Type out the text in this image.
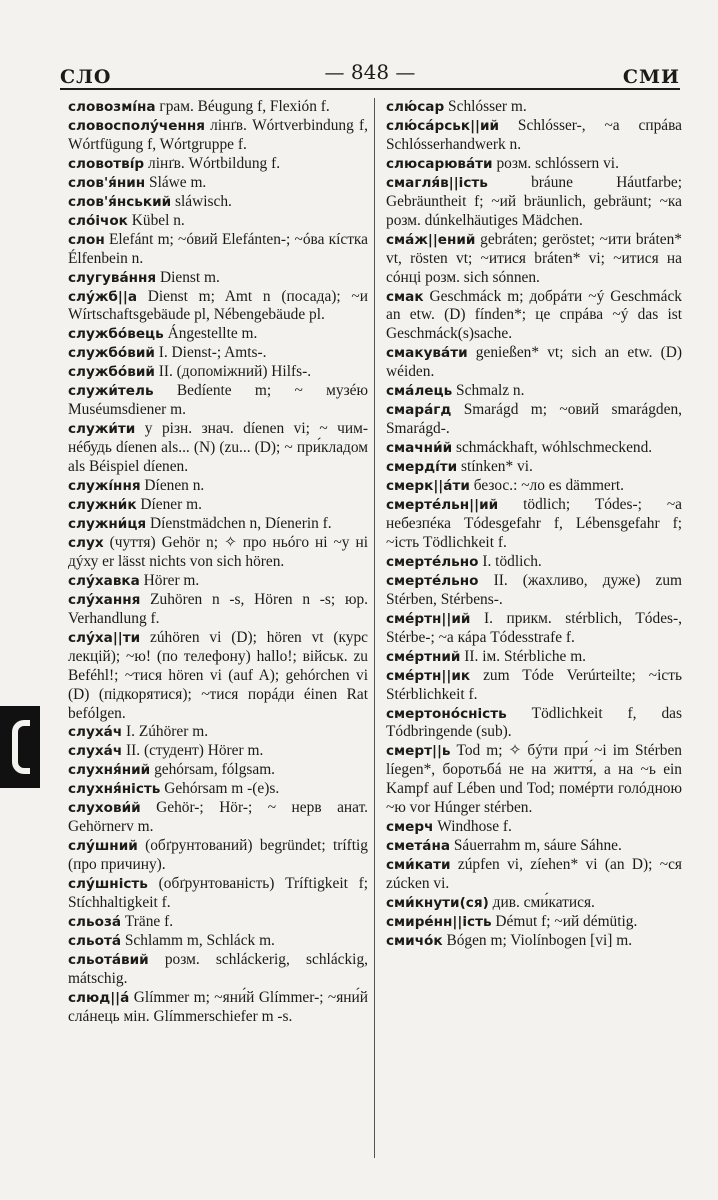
СЛО	— 848 —	СМИ

словозмíна грам. Béugung f, Flexión f.

словосполу́чення лінґв. Wórtverbindung f, Wórtfügung f, Wórtgruppe f.

словотвíр лінґв. Wórtbildung f.

слов'я́нин Sláwe m.

слов'я́нський sláwisch.

слóічок Kübel n.

слон Elefánt m; ~óвий Elefánten-; ~óва кíстка Élfenbein n.

слугува́ння Dienst m.

слу́жб||а Dienst m; Amt n (посада); ~и Wírtschaftsgebäude pl, Nébengebäude pl.

службóвець Ángestellte m.

службóвий I. Dienst-; Amts-.

службóвий II. (допоміжний) Hilfs-.

служи́тель Bedíente m; ~ музéю Muséumsdiener m.

служи́ти у різн. знач. díenen vi; ~ чим-нéбудь díenen als... (N) (zu... (D); ~ при́кладом als Béispiel díenen.

служíння Díenen n.

служни́к Díener m.

служни́ця Díenstmädchen n, Díenerin f.

слух (чуття) Gehör n; ✧ про ньóго нi ~у нi дýху er lässt nichts von sich hören.

слу́хавка Hörer m.

слу́хання Zuhören n -s, Hören n -s; юр. Verhandlung f.

слу́ха||ти zúhören vi (D); hören vt (курс лекцій); ~ю! (по телефону) hallo!; військ. zu Beféhl!; ~тися hören vi (auf A); gehórchen vi (D) (підкорятися); ~тися порáди éinen Rat befólgen.

слуха́ч I. Zúhörer m.

слуха́ч II. (студент) Hörer m.

слухня́ний gehórsam, fólgsam.

слухня́ність Gehórsam m -(e)s.

слухови́й Gehör-; Hör-; ~ нерв анат. Gehörnerv m.

слу́шний (обґрунтований) begründet; tríftig (про причину).

слу́шність (обґрунтованість) Tríftigkeit f; Stíchhaltigkeit f.

сльоза́ Träne f.

сльота́ Schlamm m, Schláck m.

сльота́вий розм. schláckerig, schláckig, mátschig.

слюд||á Glímmer m; ~яни́й Glímmer-; ~яни́й слáнець мін. Glímmerschiefer m -s.

слю́сар Schlósser m.

слю́са́рськ||ий Schlósser-, ~а спрáва Schlósserhandwerk n.

слюсарюва́ти розм. schlóssern vi.

смагля́в||ість bráune Háutfarbe; Gebräuntheit f; ~ий bräunlich, gebräunt; ~ка розм. dúnkelhäutiges Mädchen.

сма́ж||ений gebráten; geröstet; ~ити bráten* vt, rösten vt; ~итися bráten* vi; ~итися на сóнці розм. sich sónnen.

смак Geschmáck m; добрáти ~ý Geschmáck an etw. (D) fínden*; це спрáва ~ý das ist Geschmáck(s)sache.

смакува́ти genießen* vt; sich an etw. (D) wéiden.

сма́лець Schmalz n.

смара́гд Smarágd m; ~овий smarágden, Smarágd-.

смачни́й schmáckhaft, wóhlschmeckend.

смердíти stínken* vi.

смерк||áти безос.: ~ло es dämmert.

смерте́льн||ий tödlich; Tódes-; ~а небезпéка Tódesgefahr f, Lébensgefahr f; ~ість Tödlichkeit f.

смерте́льно I. tödlich.

смерте́льно II. (жахливо, дуже) zum Stérben, Stérbens-.

сме́ртн||ий I. прикм. stérblich, Tódes-, Stérbe-; ~а кáра Tódesstrafe f.

сме́ртний II. ім. Stérbliche m.

сме́ртн||ик zum Tóde Verúrteilte; ~ість Stérblichkeit f.

смертонóсність Tödlichkeit f, das Tódbringende (sub).

смерт||ь Tod m; ✧ бýти при́ ~і im Stérben líegen*, боротьбá не на життя́, а на ~ь ein Kampf auf Lében und Tod; помéрти голóдною ~ю vor Húnger stérben.

смерч Windhose f.

смета́на Sáuerrahm m, sáure Sáhne.

сми́кати zúpfen vi, zíehen* vi (an D); ~ся zúcken vi.

сми́кнути(ся) див. сми́катися.

смирéнн||ість Démut f; ~ий démütig.

смичóк Bógen m; Violínbogen [vi] m.
